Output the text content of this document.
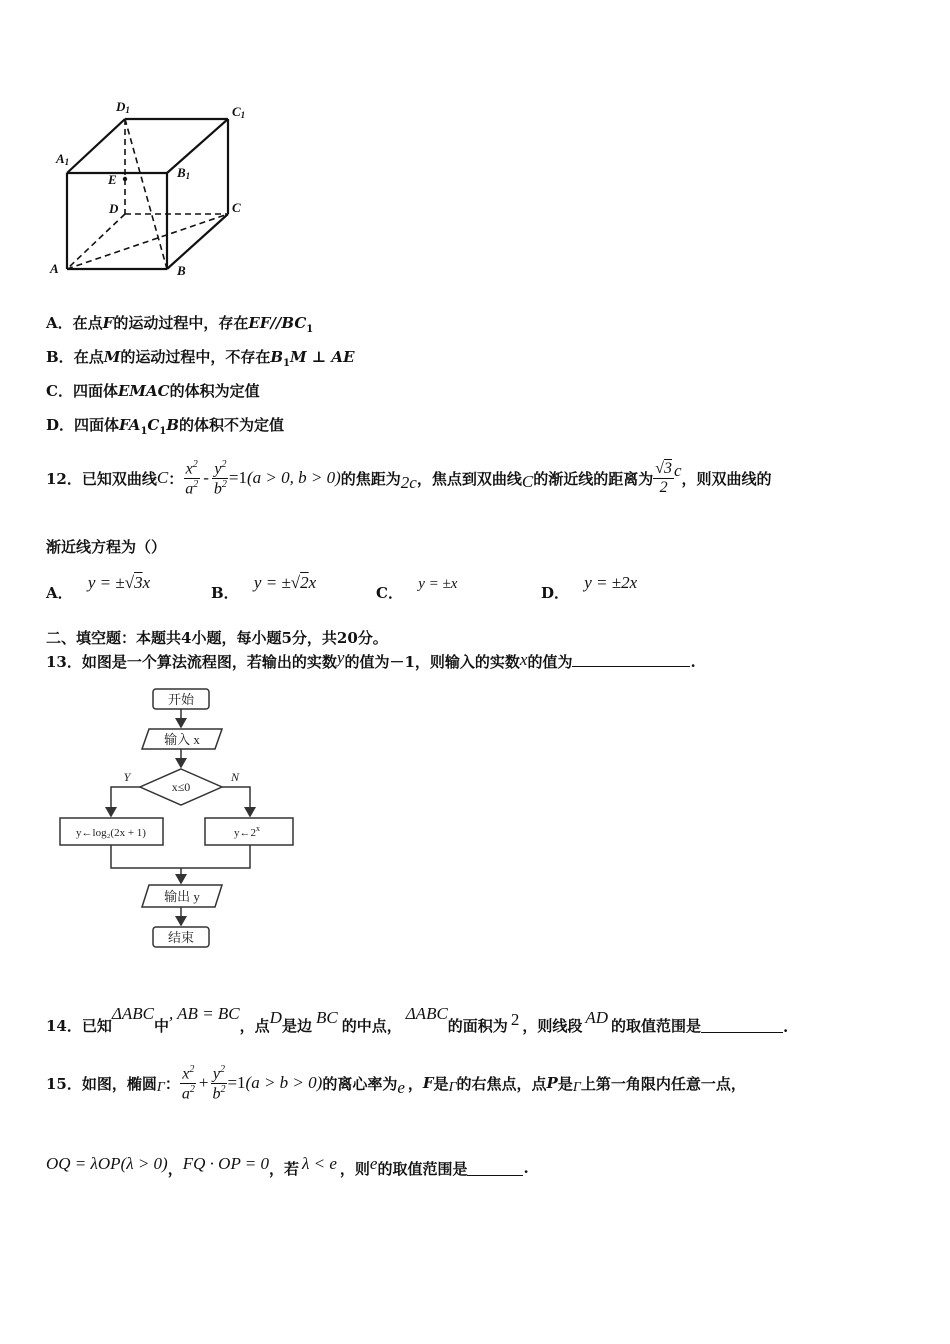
D1	C1
A1
B1
E
D	C
A	B
A．在点F的运动过程中，存在$EF//BC_1$
B．在点M的运动过程中，不存在$B_1M$ ⊥ AE
C．四面体EMAC的体积为定值
D．四面体$FA_1C_1B$的体积不为定值
12．已知双曲线 C ： $\frac{x^2}{a^2} - \frac{y^2}{b^2} =1$ (a > 0, b > 0) 的焦距为 2c ，焦点到双曲线 C 的渐近线的距离为 $\frac{√3}{2}$ c ，则双曲线的
渐近线方程为（）
A． y = ±√3x
B． y = ±√2x
C． y = ±x	D． y = ±2x
二、填空题：本题共4小题，每小题5分，共20分。
13．如图是一个算法流程图，若输出的实数y的值为－1，则输入的实数x的值为	.
开始
输入 x
x≤0
Y	N
y←log₂(2x + 1)	y←2$^x$
输出 y
结束
14．已知
ΔABC
中
, AB = BC
，点 D 是边 BC 的中点，
ΔABC
的面积为 2 ，则线段 AD 的取值范围是	.
15．如图，椭圆 Γ ： $\frac{x^2}{a^2} + \frac{y^2}{b^2} =1$ (a > b > 0) 的离心率为 e ， F 是 Γ 的右焦点，点 P 是 Γ 上第一角限内任意一点，
OQ = λOP (λ > 0) ， FQ · OP = 0 ，若 λ < e ，则 e 的取值范围是	.
